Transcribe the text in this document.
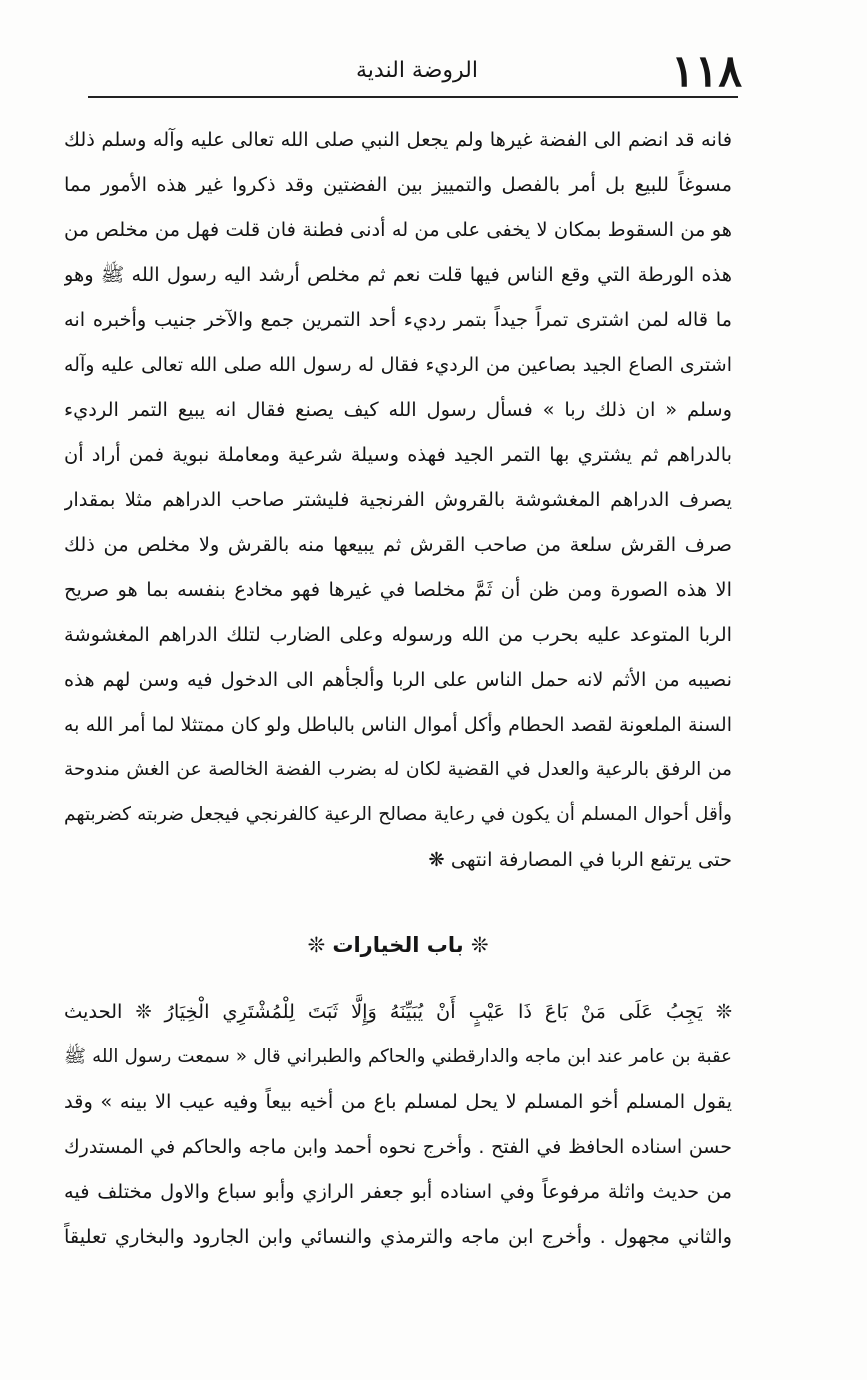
١١٨
الروضة الندية
فانه قد انضم الى الفضة غيرها ولم يجعل النبي صلى الله تعالى عليه وآله وسلم ذلك
مسوغاً للبيع بل أمر بالفصل والتمييز بين الفضتين وقد ذكروا غير هذه الأمور مما
هو من السقوط بمكان لا يخفى على من له أدنى فطنة فان قلت فهل من مخلص من
هذه الورطة التي وقع الناس فيها قلت نعم ثم مخلص أرشد اليه رسول الله ﷺ وهو
ما قاله لمن اشترى تمراً جيداً بتمر رديء أحد التمرين جمع والآخر جنيب وأخبره انه
اشترى الصاع الجيد بصاعين من الرديء فقال له رسول الله صلى الله تعالى عليه وآله
وسلم « ان ذلك ربا » فسأل رسول الله كيف يصنع فقال انه يبيع التمر الرديء
بالدراهم ثم يشتري بها التمر الجيد فهذه وسيلة شرعية ومعاملة نبوية فمن أراد أن
يصرف الدراهم المغشوشة بالقروش الفرنجية فليشتر صاحب الدراهم مثلا بمقدار
صرف القرش سلعة من صاحب القرش ثم يبيعها منه بالقرش ولا مخلص من ذلك
الا هذه الصورة ومن ظن أن ثَمَّ مخلصا في غيرها فهو مخادع بنفسه بما هو صريح
الربا المتوعد عليه بحرب من الله ورسوله وعلى الضارب لتلك الدراهم المغشوشة
نصيبه من الأثم لانه حمل الناس على الربا وألجأهم الى الدخول فيه وسن لهم هذه
السنة الملعونة لقصد الحطام وأكل أموال الناس بالباطل ولو كان ممتثلا لما أمر الله به
من الرفق بالرعية والعدل في القضية لكان له بضرب الفضة الخالصة عن الغش مندوحة
وأقل أحوال المسلم أن يكون في رعاية مصالح الرعية كالفرنجي فيجعل ضربته كضربتهم
حتى يرتفع الربا في المصارفة انتهى ❋
❊ باب الخيارات ❊
❊ يَجِبُ عَلَى مَنْ بَاعَ ذَا عَيْبٍ أَنْ يُبَيِّنَهُ وَإِلَّا ثَبَتَ لِلْمُشْتَرِي الْخِيَارُ ❊ الحديث
عقبة بن عامر عند ابن ماجه والدارقطني والحاكم والطبراني قال « سمعت رسول الله ﷺ
يقول المسلم أخو المسلم لا يحل لمسلم باع من أخيه بيعاً وفيه عيب الا بينه » وقد
حسن اسناده الحافظ في الفتح . وأخرج نحوه أحمد وابن ماجه والحاكم في المستدرك
من حديث واثلة مرفوعاً وفي اسناده أبو جعفر الرازي وأبو سباع والاول مختلف فيه
والثاني مجهول . وأخرج ابن ماجه والترمذي والنسائي وابن الجارود والبخاري تعليقاً
